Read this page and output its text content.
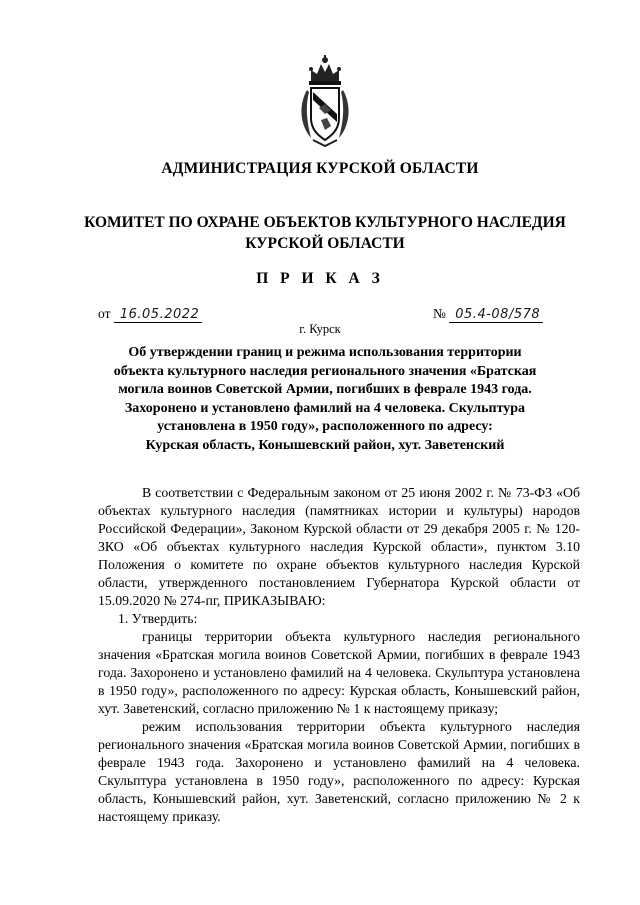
АДМИНИСТРАЦИЯ КУРСКОЙ ОБЛАСТИ
КОМИТЕТ ПО ОХРАНЕ ОБЪЕКТОВ КУЛЬТУРНОГО НАСЛЕДИЯ
КУРСКОЙ ОБЛАСТИ
П Р И К А З
от 16.05.2022	№ 05.4-08/578
г. Курск
Об утверждении границ и режима использования территории
объекта культурного наследия регионального значения «Братская
могила воинов Советской Армии, погибших в феврале 1943 года.
Захоронено и установлено фамилий на 4 человека. Скульптура
установлена в 1950 году», расположенного по адресу:
Курская область, Конышевский район, хут. Заветенский

В соответствии с Федеральным законом от 25 июня 2002 г. № 73-ФЗ «Об объектах культурного наследия (памятниках истории и культуры) народов Российской Федерации», Законом Курской области от 29 декабря 2005 г. № 120-ЗКО «Об объектах культурного наследия Курской области», пунктом 3.10 Положения о комитете по охране объектов культурного наследия Курской области, утвержденного постановлением Губернатора Курской области от 15.09.2020 № 274-пг, ПРИКАЗЫВАЮ:

1. Утвердить:

границы территории объекта культурного наследия регионального значения «Братская могила воинов Советской Армии, погибших в феврале 1943 года. Захоронено и установлено фамилий на 4 человека. Скульптура установлена в 1950 году», расположенного по адресу: Курская область, Конышевский район, хут. Заветенский, согласно приложению № 1 к настоящему приказу;

режим использования территории объекта культурного наследия регионального значения «Братская могила воинов Советской Армии, погибших в феврале 1943 года. Захоронено и установлено фамилий на 4 человека. Скульптура установлена в 1950 году», расположенного по адресу: Курская область, Конышевский район, хут. Заветенский, согласно приложению № 2 к настоящему приказу.
